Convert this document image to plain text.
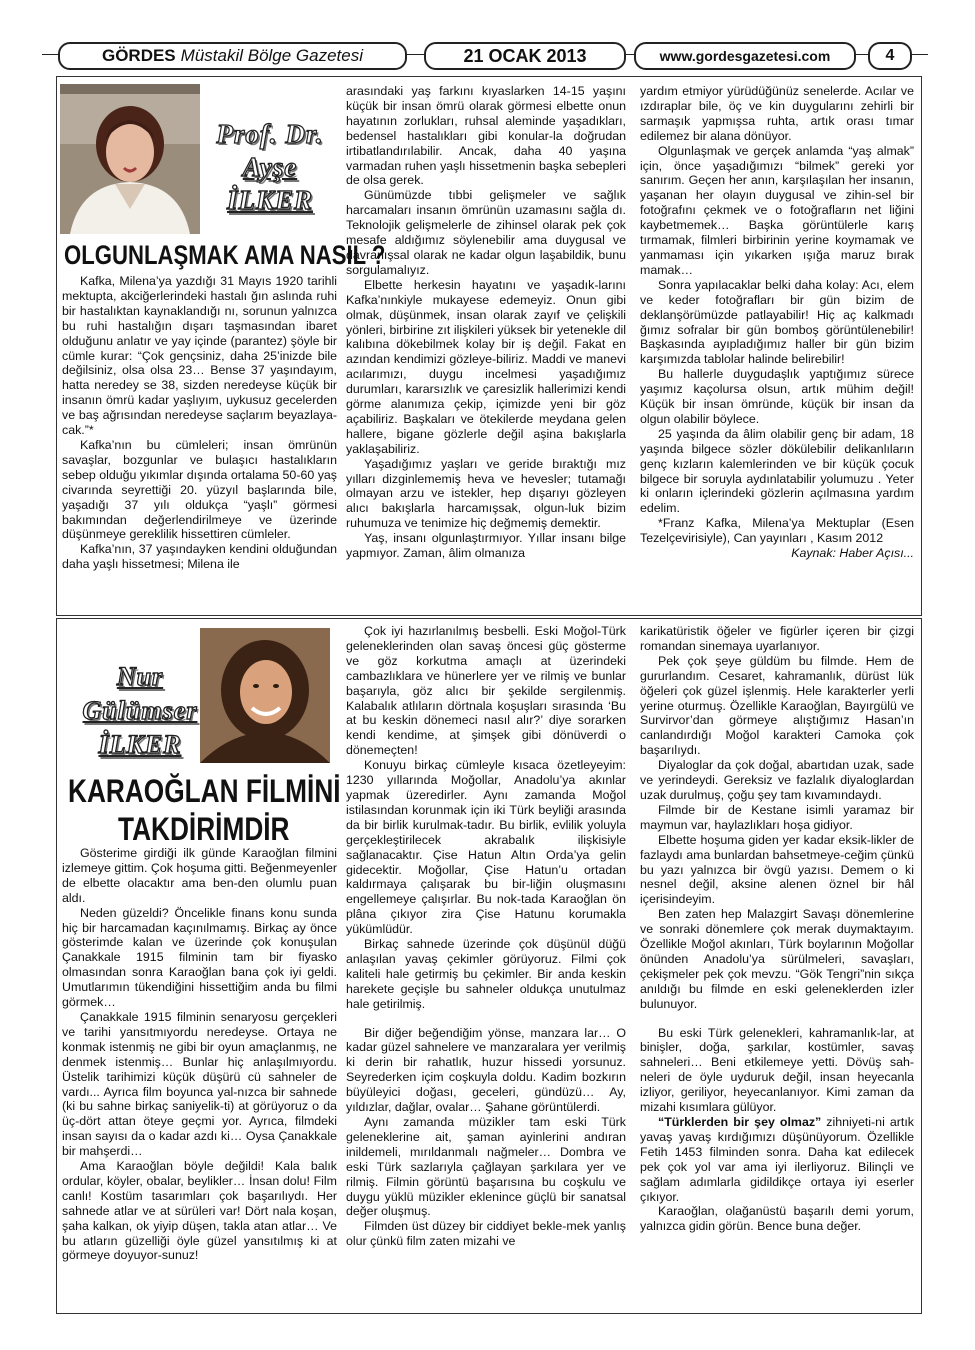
GÖRDES Müstakil Bölge Gazetesi	21 OCAK 2013	www.gordesgazetesi.com	4
Prof. Dr.
Ayşe
İLKER
OLGUNLAŞMAK AMA NASIL ?

Kafka, Milena’ya yazdığı 31 Mayıs 1920 tarihli mektupta, akciğerlerindeki hastalı ğın aslında ruhi bir hastalıktan kaynaklandığı nı, sorunun yalnızca bu ruhi hastalığın dışarı taşmasından ibaret olduğunu anlatır ve yay içinde (parantez) şöyle bir cümle kurar: “Çok gençsiniz, daha 25’inizde bile değilsiniz, olsa olsa 23… Bense 37 yaşındayım, hatta neredey se 38, sizden neredeyse küçük bir insanın ömrü kadar yaşlıyım, uykusuz gecelerden ve baş ağrısından neredeyse saçlarım beyazlaya-cak.”*

Kafka’nın bu cümleleri; insan ömrünün savaşlar, bozgunlar ve bulaşıcı hastalıkların sebep olduğu yıkımlar dışında ortalama 50-60 yaş civarında seyrettiği 20. yüzyıl başlarında bile, yaşadığı 37 yılı oldukça “yaşlı” görmesi bakımından değerlendirilmeye ve üzerinde düşünmeye gereklilik hissettiren cümleler.

Kafka’nın, 37 yaşındayken kendini olduğundan daha yaşlı hissetmesi; Milena ile

arasındaki yaş farkını kıyaslarken 14-15 yaşını küçük bir insan ömrü olarak görmesi elbette onun hayatının zorlukları, ruhsal aleminde yaşadıkları, bedensel hastalıkları gibi konular-la doğrudan irtibatlandırılabilir. Ancak, daha 40 yaşına varmadan ruhen yaşlı hissetmenin başka sebepleri de olsa gerek.

Günümüzde tıbbi gelişmeler ve sağlık harcamaları insanın ömrünün uzamasını sağla dı. Teknolojik gelişmelerle de zihinsel olarak pek çok mesafe aldığımız söylenebilir ama duygusal ve davranışsal olarak ne kadar olgun laşabildik, bunu sorgulamalıyız.

Elbette herkesin hayatını ve yaşadık-larını Kafka’nınkiyle mukayese edemeyiz. Onun gibi olmak, düşünmek, insan olarak zayıf ve çelişkili yönleri, birbirine zıt ilişkileri yüksek bir yetenekle dil kalıbına dökebilmek kolay bir iş değil. Fakat en azından kendimizi gözleye-biliriz. Maddi ve manevi acılarımızı, duygu incelmesi yaşadığımız durumları, kararsızlık ve çaresizlik hallerimizi kendi görme alanımıza çekip, içimizde yeni bir göz açabiliriz. Başkaları ve ötekilerde meydana gelen hallere, bigane gözlerle değil aşina bakışlarla yaklaşabiliriz.

Yaşadığımız yaşları ve geride bıraktığı mız yılları dizginlememiş heva ve hevesler; tutamağı olmayan arzu ve istekler, hep dışarıyı gözleyen alıcı bakışlarla harcamışsak, olgun-luk bizim ruhumuza ve tenimize hiç değmemiş demektir.

Yaş, insanı olgunlaştırmıyor. Yıllar insanı bilge yapmıyor. Zaman, âlim olmanıza

yardım etmiyor yürüdüğünüz senelerde. Acılar ve ızdıraplar bile, öç ve kin duygularını zehirli bir sarmaşık yapmışsa ruhta, artık orası tımar edilemez bir alana dönüyor.

Olgunlaşmak ve gerçek anlamda “yaş almak” için, önce yaşadığımızı “bilmek” gereki yor sanırım. Geçen her anın, karşılaşılan her insanın, yaşanan her olayın duygusal ve zihin-sel bir fotoğrafını çekmek ve o fotoğrafların net liğini kaybetmemek… Başka görüntülerle karış tırmamak, filmleri birbirinin yerine koymamak ve yanmaması için yıkarken ışığa maruz bırak mamak…

Sonra yapılacaklar belki daha kolay: Acı, elem ve keder fotoğrafları bir gün bizim de deklanşörümüzde patlayabilir! Hiç aç kalkmadı ğımız sofralar bir gün bomboş görüntülenebilir! Başkasında ayıpladığımız haller bir gün bizim karşımızda tablolar halinde belirebilir!

Bu hallerle duygudaşlık yaptığımız sürece yaşımız kaçolursa olsun, artık mühim değil! Küçük bir insan ömründe, küçük bir insan da olgun olabilir böylece.

25 yaşında da âlim olabilir genç bir adam, 18 yaşında bilgece sözler dökülebilir delikanlıların genç kızların kalemlerinden ve bir küçük çocuk bilgece bir soruyla aydınlatabilir yolumuzu . Yeter ki onların içlerindeki gözlerin açılmasına yardım edelim.

*Franz Kafka, Milena’ya Mektuplar (Esen Tezelçevirisiyle), Can yayınları , Kasım 2012

Kaynak: Haber Açısı...

Nur Gülümser
İLKER
KARAOĞLAN FİLMİNİ
TAKDİRİMDİR

Gösterime girdiği ilk günde Karaoğlan filmini izlemeye gittim. Çok hoşuma gitti. Beğenmeyenler de elbette olacaktır ama ben-den olumlu puan aldı.

Neden güzeldi? Öncelikle finans konu sunda hiç bir harcamadan kaçınılmamış. Birkaç ay önce gösterimde kalan ve üzerinde çok konuşulan Çanakkale 1915 filminin tam bir fiyasko olmasından sonra Karaoğlan bana çok iyi geldi. Umutlarımın tükendiğini hissettiğim anda bu filmi görmek…

Çanakkale 1915 filminin senaryosu gerçekleri ve tarihi yansıtmıyordu neredeyse. Ortaya ne konmak istenmiş ne gibi bir oyun amaçlanmış, ne denmek istenmiş… Bunlar hiç anlaşılmıyordu. Üstelik tarihimizi küçük düşürü cü sahneler de vardı... Ayrıca film boyunca yal-nızca bir sahnede (ki bu sahne birkaç saniyelik-ti) at görüyoruz o da üç-dört attan öteye geçmi yor. Ayrıca, filmdeki insan sayısı da o kadar azdı ki… Oysa Çanakkale bir mahşerdi…

Ama Karaoğlan böyle değildi! Kala balık ordular, köyler, obalar, beylikler… İnsan dolu! Film canlı! Kostüm tasarımları çok başarılıydı. Her sahnede atlar ve at sürüleri var! Dört nala koşan, şaha kalkan, ok yiyip düşen, takla atan atlar… Ve bu atların güzelliği öyle güzel yansıtılmış ki at görmeye doyuyor-sunuz!

Çok iyi hazırlanılmış besbelli. Eski Moğol-Türk geleneklerinden olan savaş öncesi güç gösterme ve göz korkutma amaçlı at üzerindeki cambazlıklara ve hünerlere yer ve rilmiş ve bunlar başarıyla, göz alıcı bir şekilde sergilenmiş. Kalabalık atlıların dörtnala koşuşları sırasında ‘Bu at bu keskin dönemeci nasıl alır?’ diye sorarken kendi kendime, at şimşek gibi dönüverdi o dönemeçten!

Konuyu birkaç cümleyle kısaca özetleyeyim: 1230 yıllarında Moğollar, Anadolu’ya akınlar yapmak üzeredirler. Aynı zamanda Moğol istilasından korunmak için iki Türk beyliği arasında da bir birlik kurulmak-tadır. Bu birlik, evlilik yoluyla gerçekleştirilecek akrabalık ilişkisiyle sağlanacaktır. Çise Hatun Altın Orda’ya gelin gidecektir. Moğollar, Çise Hatun’u ortadan kaldırmaya çalışarak bu bir-liğin oluşmasını engellemeye çalışırlar. Bu nok-tada Karaoğlan ön plâna çıkıyor zira Çise Hatunu korumakla yükümlüdür.

Birkaç sahnede üzerinde çok düşünül düğü anlaşılan yavaş çekimler görüyoruz. Filmi çok kaliteli hale getirmiş bu çekimler. Bir anda keskin harekete geçişle bu sahneler oldukça unutulmaz hale getirilmiş.

Bir diğer beğendiğim yönse, manzara lar… O kadar güzel sahnelere ve manzaralara yer verilmiş ki derin bir rahatlık, huzur hissedi yorsunuz. Seyrederken içim coşkuyla doldu. Kadim bozkırın büyüleyici doğası, geceleri, gündüzü… Ay, yıldızlar, dağlar, ovalar… Şahane görüntülerdi.

Aynı zamanda müzikler tam eski Türk geleneklerine ait, şaman ayinlerini andıran inildemeli, mırıldanmalı nağmeler… Dombra ve eski Türk sazlarıyla çağlayan şarkılara yer ve rilmiş. Filmin görüntü başarısına bu coşkulu ve duygu yüklü müzikler eklenince güçlü bir sanatsal değer oluşmuş.

Filmden üst düzey bir ciddiyet bekle-mek yanlış olur çünkü film zaten mizahi ve

karikatüristik öğeler ve figürler içeren bir çizgi romandan sinemaya uyarlanıyor.

Pek çok şeye güldüm bu filmde. Hem de gururlandım. Cesaret, kahramanlık, dürüst lük öğeleri çok güzel işlenmiş. Hele karakterler yerli yerine oturmuş. Özellikle Karaoğlan, Bayırgülü ve Survirvor’dan görmeye alıştığımız Hasan’ın canlandırdığı Moğol karakteri Camoka çok başarılıydı.

Diyaloglar da çok doğal, abartıdan uzak, sade ve yerindeydi. Gereksiz ve fazlalık diyaloglardan uzak durulmuş, çoğu şey tam kıvamındaydı.

Filmde bir de Kestane isimli yaramaz bir maymun var, haylazlıkları hoşa gidiyor.

Elbette hoşuma giden yer kadar eksik-likler de fazlaydı ama bunlardan bahsetmeye-ceğim çünkü bu yazı yalnızca bir övgü yazısı. Demem o ki nesnel değil, aksine alenen öznel bir hâl içerisindeyim.

Ben zaten hep Malazgirt Savaşı dönemlerine ve sonraki dönemlere çok merak duymaktayım. Özellikle Moğol akınları, Türk boylarının Moğollar önünden Anadolu’ya sürülmeleri, savaşları, çekişmeler pek çok mevzu. “Gök Tengri”nin sıkça anıldığı bu filmde en eski geleneklerden izler bulunuyor.

Bu eski Türk gelenekleri, kahramanlık-lar, at binişler, doğa, şarkılar, kostümler, savaş sahneleri… Beni etkilemeye yetti. Dövüş sah-neleri de öyle uyduruk değil, insan heyecanla izliyor, geriliyor, heyecanlanıyor. Kimi zaman da mizahi kısımlara gülüyor.

“Türklerden bir şey olmaz” zihniyeti-ni artık yavaş yavaş kırdığımızı düşünüyorum. Özellikle Fetih 1453 filminden sonra. Daha kat edilecek pek çok yol var ama iyi ilerliyoruz. Bilinçli ve sağlam adımlarla gidildikçe ortaya iyi eserler çıkıyor.

Karaoğlan, olağanüstü başarılı demi yorum, yalnızca gidin görün. Bence buna değer.
